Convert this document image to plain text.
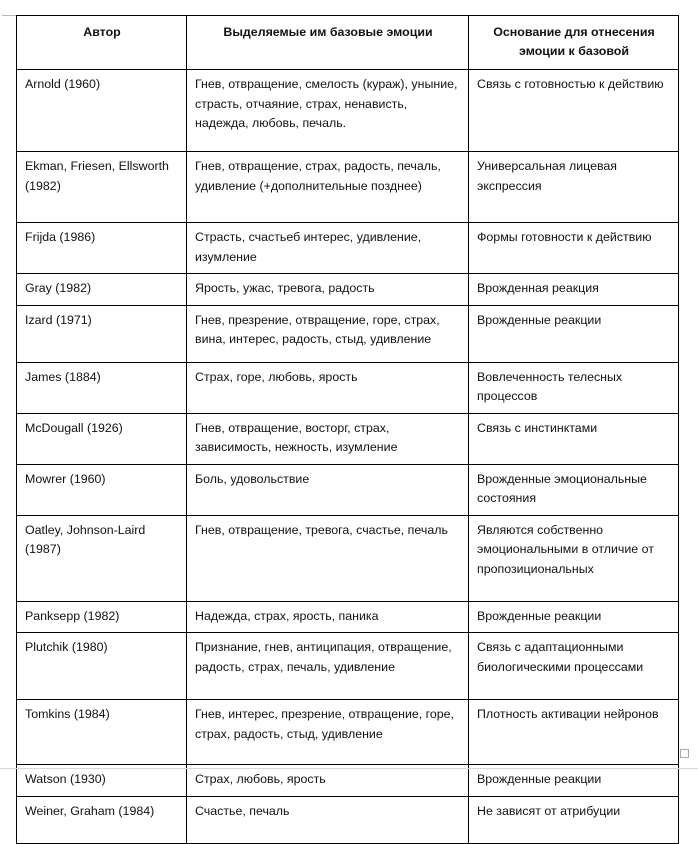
Автор	Выделяемые им базовые эмоции	Основание для отнесения эмоции к базовой
Arnold (1960)	Гнев, отвращение, смелость (кураж), уныние, страсть, отчаяние, страх, ненависть, надежда, любовь, печаль.	Связь с готовностью к действию
Ekman, Friesen, Ellsworth (1982)	Гнев, отвращение, страх, радость, печаль, удивление (+дополнительные позднее)	Универсальная лицевая экспрессия
Frijda (1986)	Страсть, счастьеб интерес, удивление, изумление	Формы готовности к действию
Gray (1982)	Ярость, ужас, тревога, радость	Врожденная реакция
Izard (1971)	Гнев, презрение, отвращение, горе, страх, вина, интерес, радость, стыд, удивление	Врожденные реакции
James (1884)	Страх, горе, любовь, ярость	Вовлеченность телесных процессов
McDougall (1926)	Гнев, отвращение, восторг, страх, зависимость, нежность, изумление	Связь с инстинктами
Mowrer (1960)	Боль, удовольствие	Врожденные эмоциональные состояния
Oatley, Johnson-Laird (1987)	Гнев, отвращение, тревога, счастье, печаль	Являются собственно эмоциональными в отличие от пропозициональных
Panksepp (1982)	Надежда, страх, ярость, паника	Врожденные реакции
Plutchik (1980)	Признание, гнев, антиципация, отвращение, радость, страх, печаль, удивление	Связь с адаптационными биологическими процессами
Tomkins (1984)	Гнев, интерес, презрение, отвращение, горе, страх, радость, стыд, удивление	Плотность активации нейронов
Watson (1930)	Страх, любовь, ярость	Врожденные реакции
Weiner, Graham (1984)	Счастье, печаль	Не зависят от атрибуции
